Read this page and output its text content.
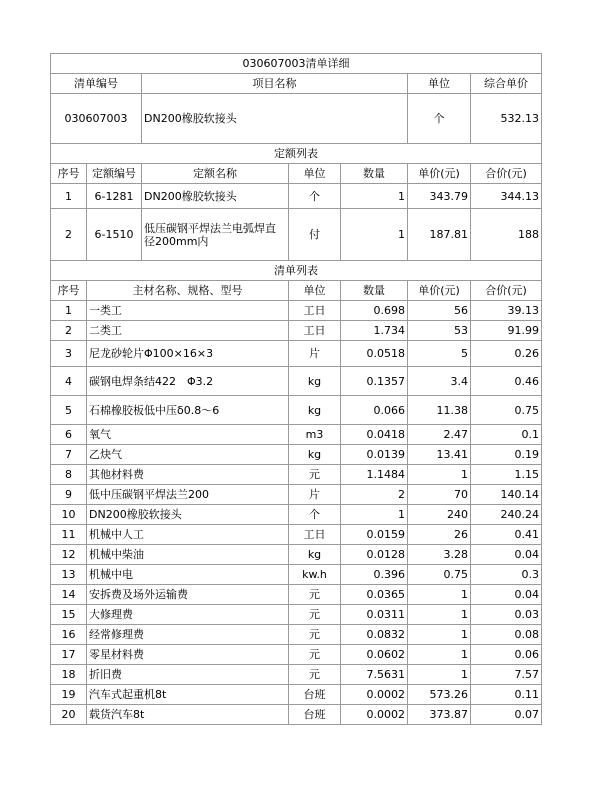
030607003清单详细						
清单编号		项目名称			单位	综合单价
030607003		DN200橡胶软接头			个	532.13
定额列表						
序号	定额编号	定额名称	单位	数量	单价(元)	合价(元)
1	6-1281	DN200橡胶软接头	个	1	343.79	344.13
2	6-1510	低压碳钢平焊法兰电弧焊直径200mm内	付	1	187.81	188
清单列表						
序号	主材名称、规格、型号		单位	数量	单价(元)	合价(元)
1	一类工		工日	0.698	56	39.13
2	二类工		工日	1.734	53	91.99
3	尼龙砂轮片Φ100×16×3		片	0.0518	5	0.26
4	碳钢电焊条结422　Φ3.2		kg	0.1357	3.4	0.46
5	石棉橡胶板低中压δ0.8～6		kg	0.066	11.38	0.75
6	氧气		m3	0.0418	2.47	0.1
7	乙炔气		kg	0.0139	13.41	0.19
8	其他材料费		元	1.1484	1	1.15
9	低中压碳钢平焊法兰200		片	2	70	140.14
10	DN200橡胶软接头		个	1	240	240.24
11	机械中人工		工日	0.0159	26	0.41
12	机械中柴油		kg	0.0128	3.28	0.04
13	机械中电		kw.h	0.396	0.75	0.3
14	安拆费及场外运输费		元	0.0365	1	0.04
15	大修理费		元	0.0311	1	0.03
16	经常修理费		元	0.0832	1	0.08
17	零星材料费		元	0.0602	1	0.06
18	折旧费		元	7.5631	1	7.57
19	汽车式起重机8t		台班	0.0002	573.26	0.11
20	载货汽车8t		台班	0.0002	373.87	0.07
